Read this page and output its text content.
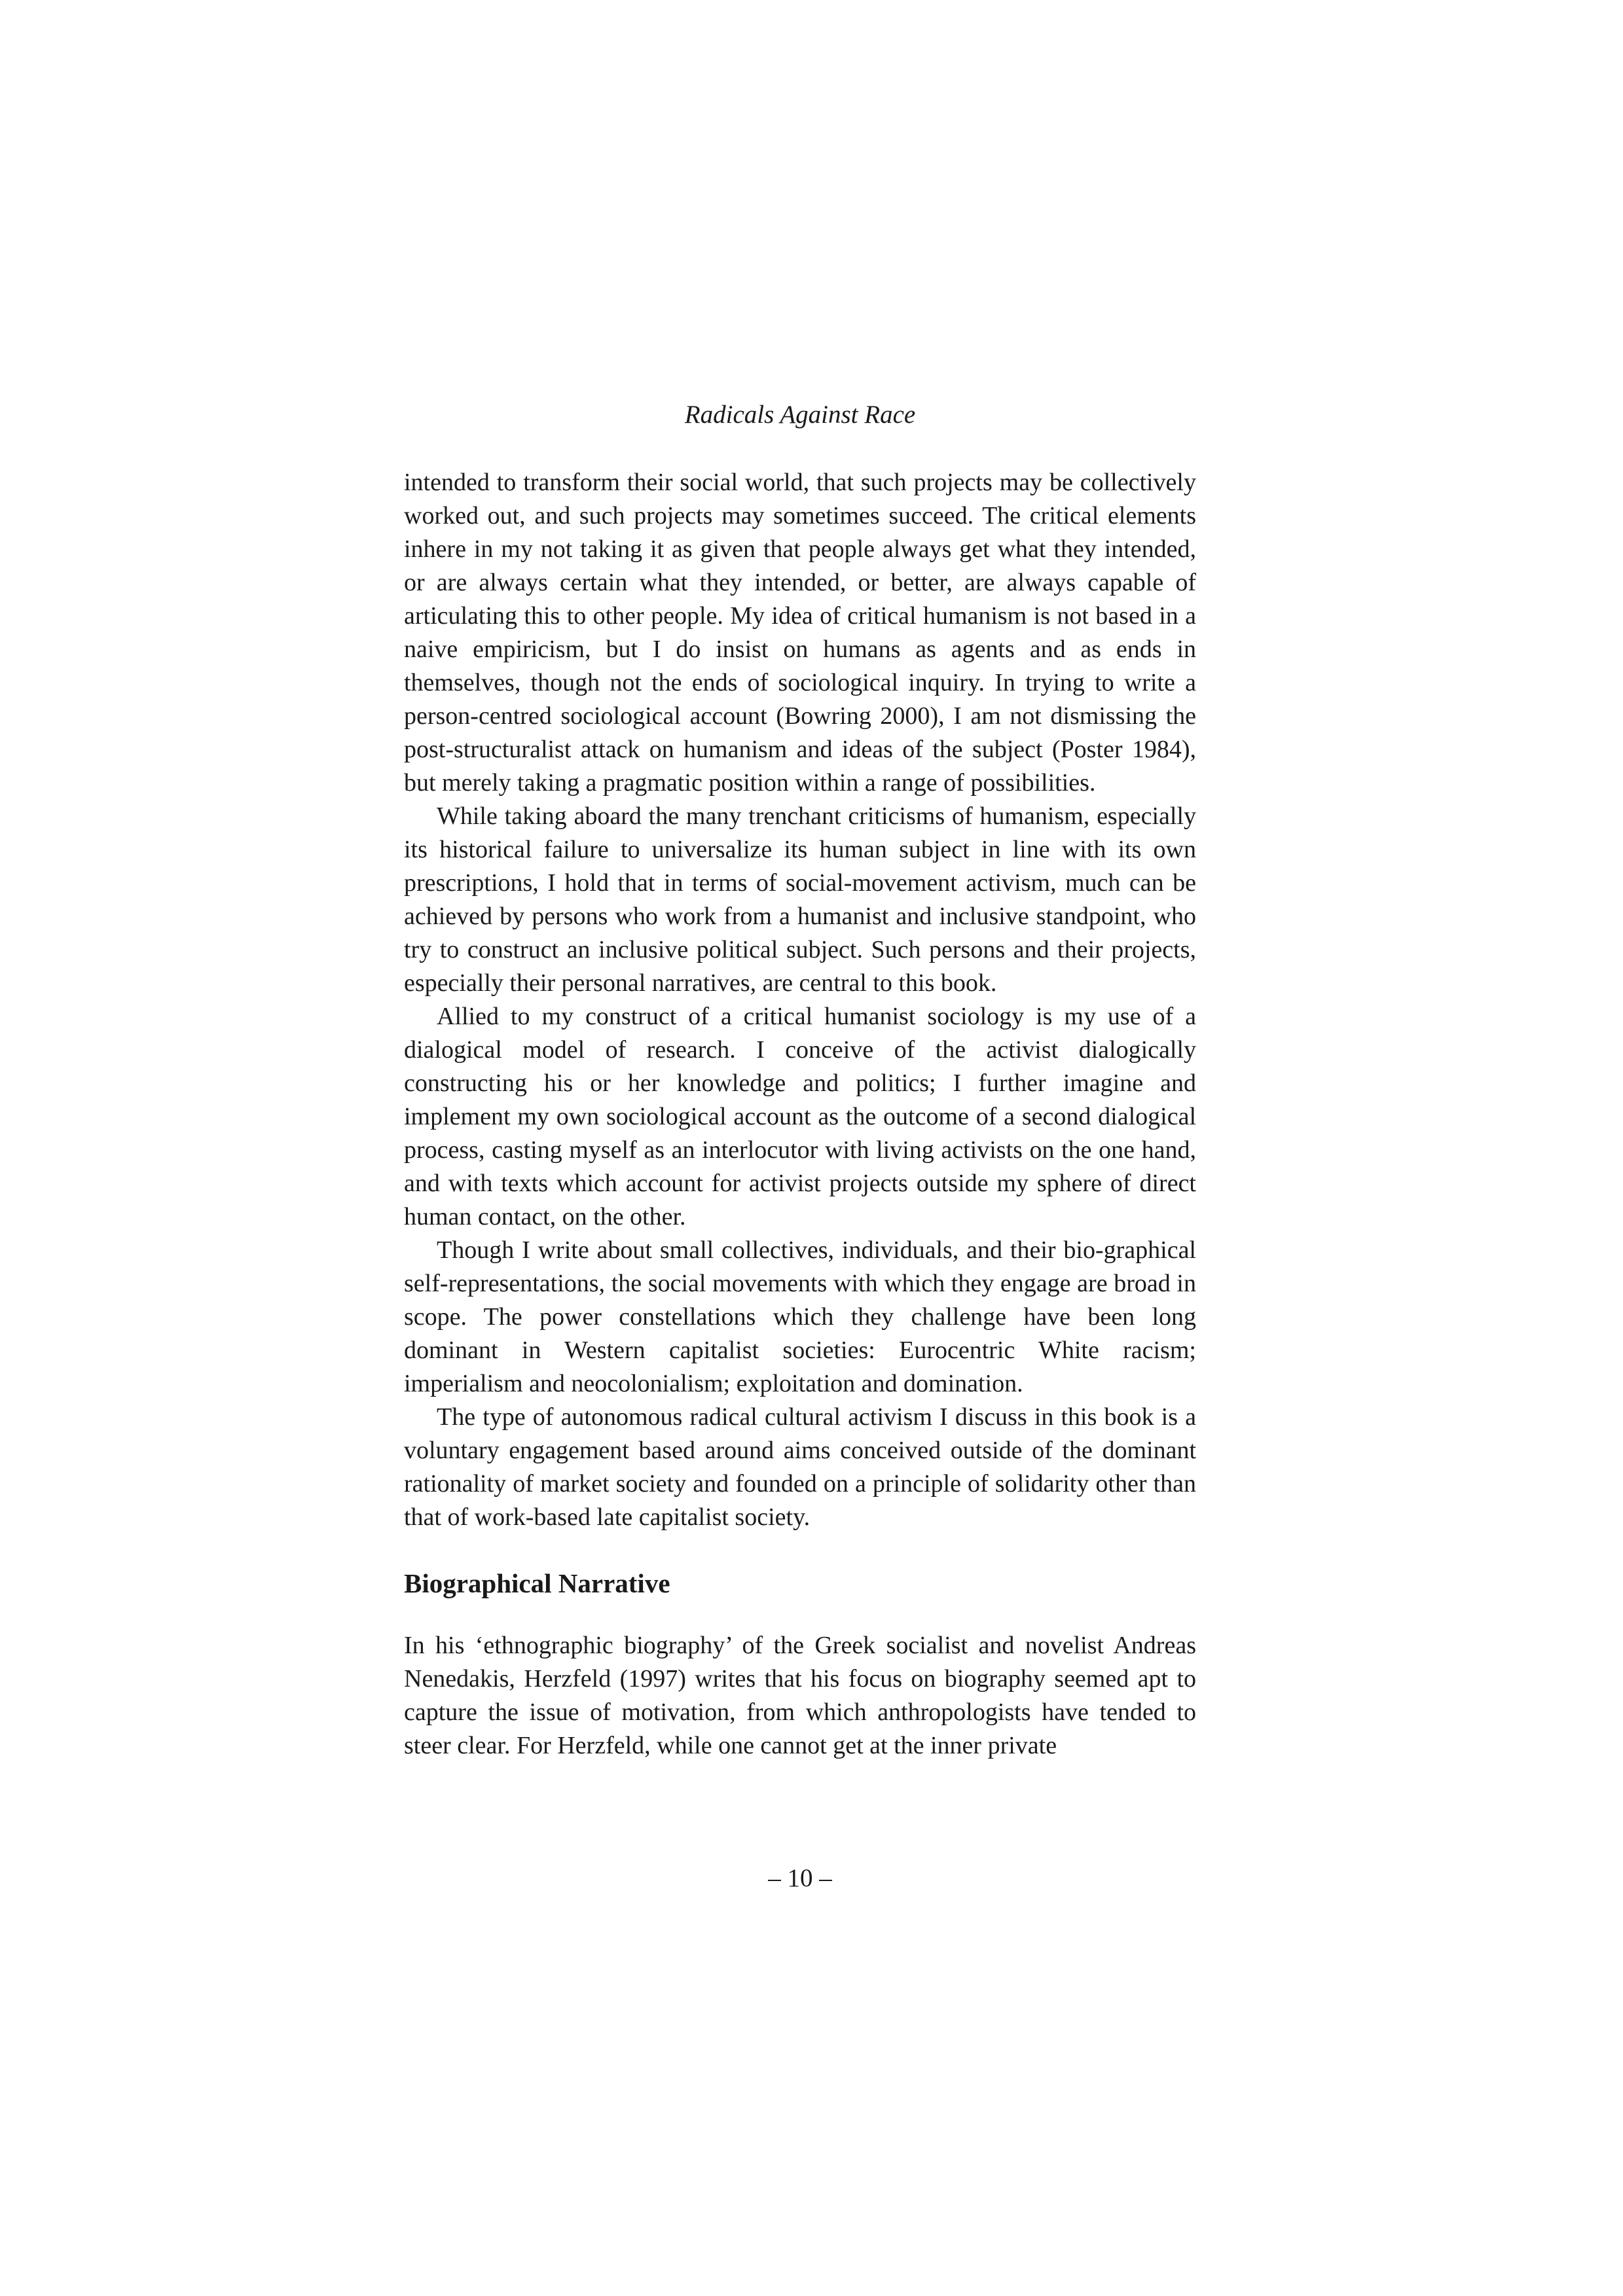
Radicals Against Race

intended to transform their social world, that such projects may be collectively worked out, and such projects may sometimes succeed. The critical elements inhere in my not taking it as given that people always get what they intended, or are always certain what they intended, or better, are always capable of articulating this to other people. My idea of critical humanism is not based in a naive empiricism, but I do insist on humans as agents and as ends in themselves, though not the ends of sociological inquiry. In trying to write a person-centred sociological account (Bowring 2000), I am not dismissing the post-structuralist attack on humanism and ideas of the subject (Poster 1984), but merely taking a pragmatic position within a range of possibilities.

While taking aboard the many trenchant criticisms of humanism, especially its historical failure to universalize its human subject in line with its own prescriptions, I hold that in terms of social-movement activism, much can be achieved by persons who work from a humanist and inclusive standpoint, who try to construct an inclusive political subject. Such persons and their projects, especially their personal narratives, are central to this book.

Allied to my construct of a critical humanist sociology is my use of a dialogical model of research. I conceive of the activist dialogically constructing his or her knowledge and politics; I further imagine and implement my own sociological account as the outcome of a second dialogical process, casting myself as an interlocutor with living activists on the one hand, and with texts which account for activist projects outside my sphere of direct human contact, on the other.

Though I write about small collectives, individuals, and their bio-graphical self-representations, the social movements with which they engage are broad in scope. The power constellations which they challenge have been long dominant in Western capitalist societies: Eurocentric White racism; imperialism and neocolonialism; exploitation and domination.

The type of autonomous radical cultural activism I discuss in this book is a voluntary engagement based around aims conceived outside of the dominant rationality of market society and founded on a principle of solidarity other than that of work-based late capitalist society.

Biographical Narrative

In his ‘ethnographic biography’ of the Greek socialist and novelist Andreas Nenedakis, Herzfeld (1997) writes that his focus on biography seemed apt to capture the issue of motivation, from which anthropologists have tended to steer clear. For Herzfeld, while one cannot get at the inner private

– 10 –
